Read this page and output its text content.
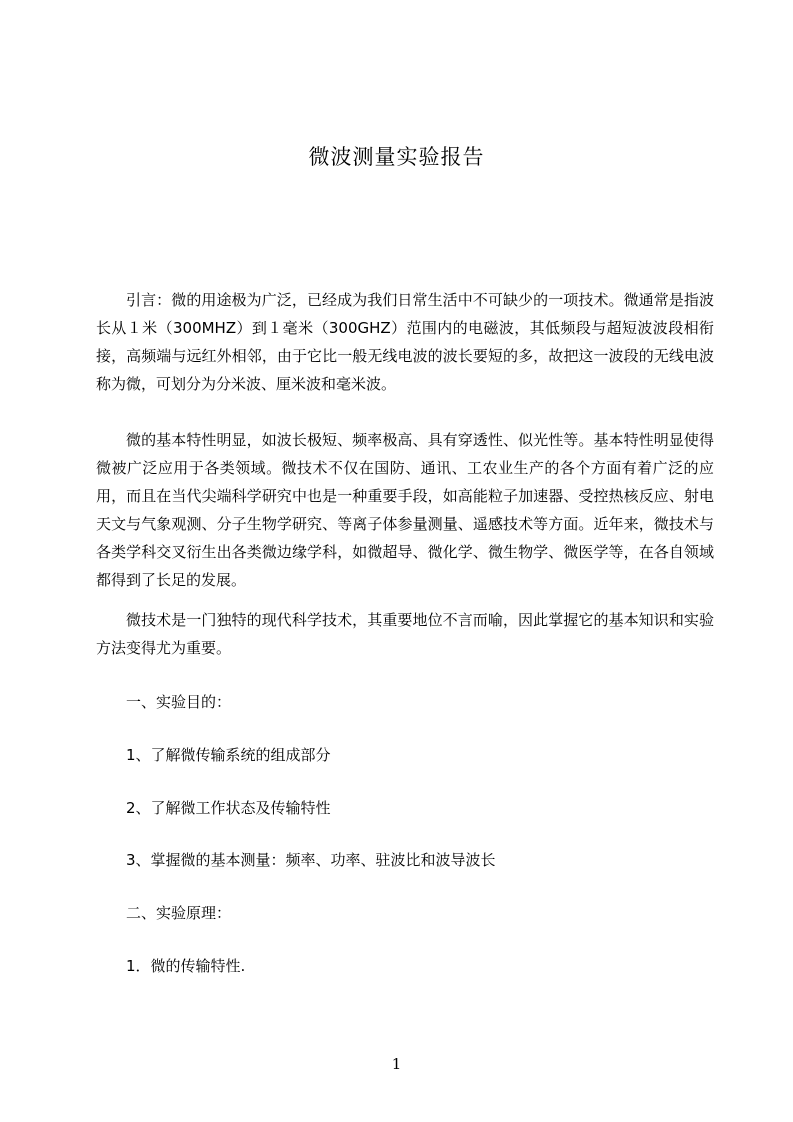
微波测量实验报告

引言：微的用途极为广泛，已经成为我们日常生活中不可缺少的一项技术。微通常是指波长从１米（300MHZ）到１毫米（300GHZ）范围内的电磁波，其低频段与超短波波段相衔接，高频端与远红外相邻，由于它比一般无线电波的波长要短的多，故把这一波段的无线电波称为微，可划分为分米波、厘米波和毫米波。

微的基本特性明显，如波长极短、频率极高、具有穿透性、似光性等。基本特性明显使得微被广泛应用于各类领域。微技术不仅在国防、通讯、工农业生产的各个方面有着广泛的应用，而且在当代尖端科学研究中也是一种重要手段，如高能粒子加速器、受控热核反应、射电天文与气象观测、分子生物学研究、等离子体参量测量、遥感技术等方面。近年来，微技术与各类学科交叉衍生出各类微边缘学科，如微超导、微化学、微生物学、微医学等，在各自领域都得到了长足的发展。

微技术是一门独特的现代科学技术，其重要地位不言而喻，因此掌握它的基本知识和实验方法变得尤为重要。

一、实验目的：

1、了解微传输系统的组成部分

2、了解微工作状态及传输特性

3、掌握微的基本测量：频率、功率、驻波比和波导波长

二、实验原理：

1．微的传输特性.

1
